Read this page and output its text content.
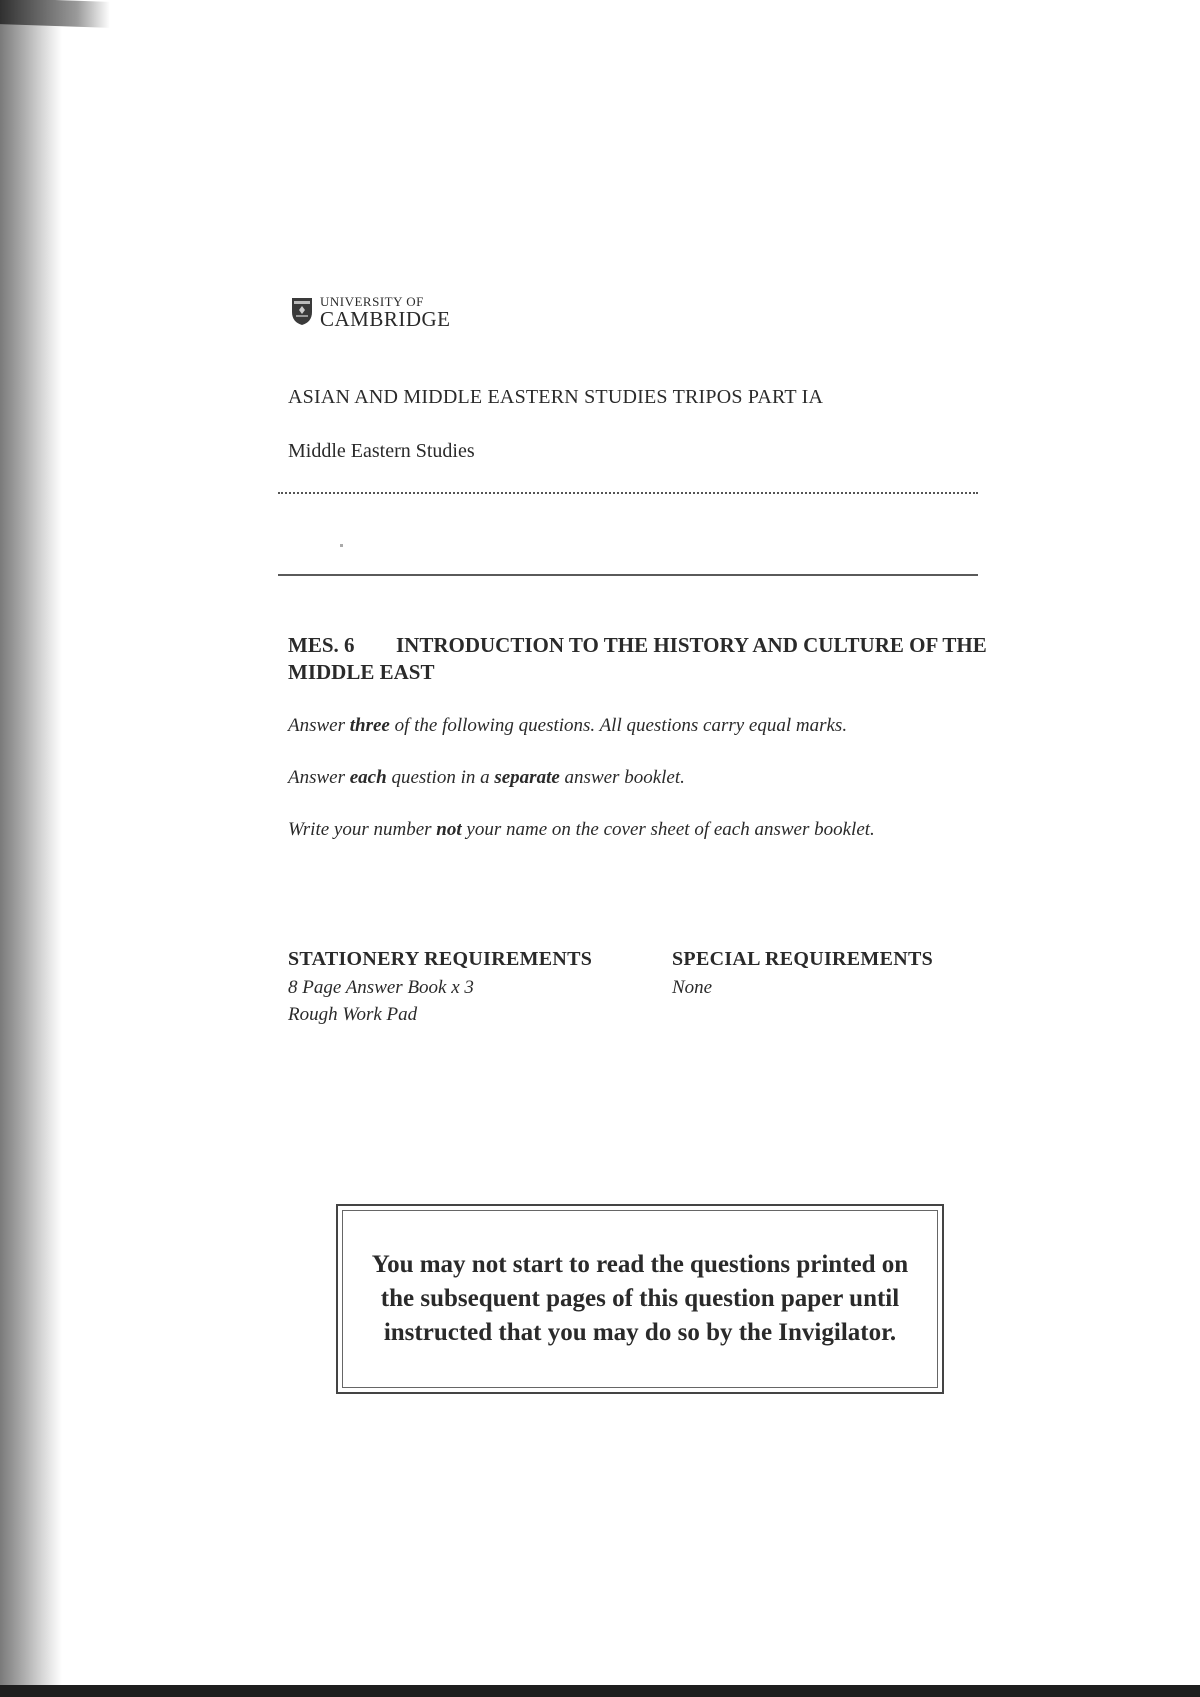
UNIVERSITY OF
CAMBRIDGE
ASIAN AND MIDDLE EASTERN STUDIES TRIPOS PART IA
Middle Eastern Studies
MES. 6 INTRODUCTION TO THE HISTORY AND CULTURE OF THE MIDDLE EAST
Answer three of the following questions. All questions carry equal marks.
Answer each question in a separate answer booklet.
Write your number not your name on the cover sheet of each answer booklet.
STATIONERY REQUIREMENTS
8 Page Answer Book x 3
Rough Work Pad
SPECIAL REQUIREMENTS
None
You may not start to read the questions printed on the subsequent pages of this question paper until instructed that you may do so by the Invigilator.
